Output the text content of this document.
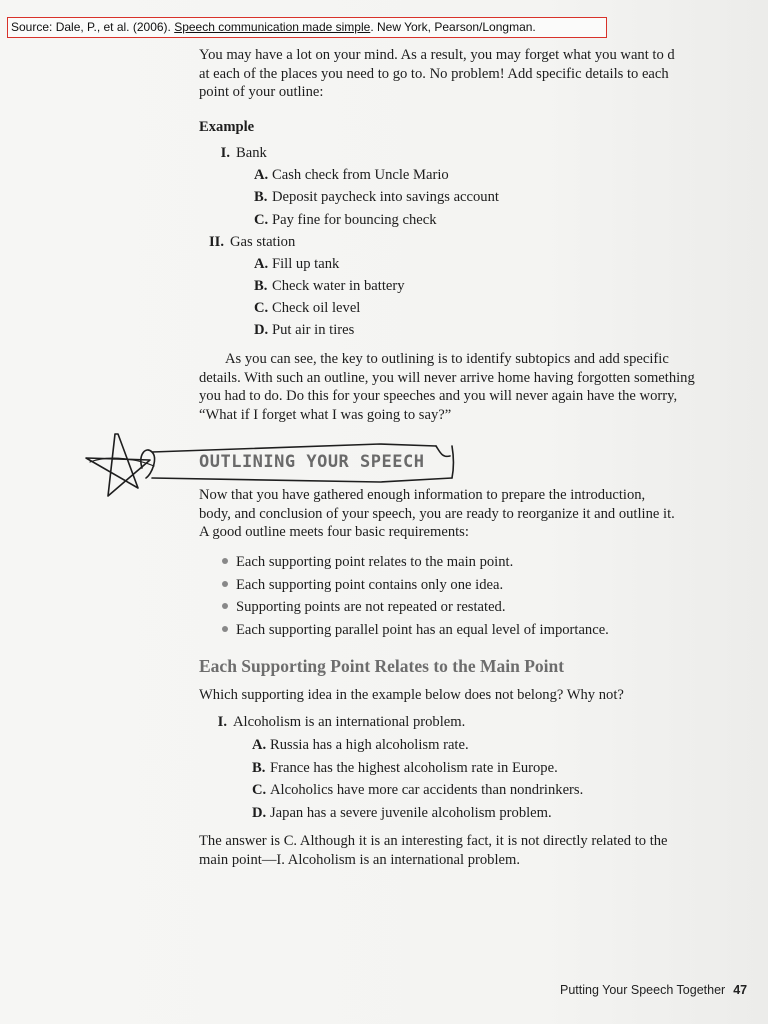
Source: Dale, P., et al. (2006). Speech communication made simple. New York, Pearson/Longman.
You may have a lot on your mind. As a result, you may forget what you want to d
at each of the places you need to go to. No problem! Add specific details to each
point of your outline:
Example
I. Bank
A. Cash check from Uncle Mario
B. Deposit paycheck into savings account
C. Pay fine for bouncing check
II. Gas station
A. Fill up tank
B. Check water in battery
C. Check oil level
D. Put air in tires
As you can see, the key to outlining is to identify subtopics and add specific
details. With such an outline, you will never arrive home having forgotten something
you had to do. Do this for your speeches and you will never again have the worry,
“What if I forget what I was going to say?”
OUTLINING YOUR SPEECH
Now that you have gathered enough information to prepare the introduction,
body, and conclusion of your speech, you are ready to reorganize it and outline it.
A good outline meets four basic requirements:
Each supporting point relates to the main point.
Each supporting point contains only one idea.
Supporting points are not repeated or restated.
Each supporting parallel point has an equal level of importance.
Each Supporting Point Relates to the Main Point
Which supporting idea in the example below does not belong? Why not?
I. Alcoholism is an international problem.
A. Russia has a high alcoholism rate.
B. France has the highest alcoholism rate in Europe.
C. Alcoholics have more car accidents than nondrinkers.
D. Japan has a severe juvenile alcoholism problem.
The answer is C. Although it is an interesting fact, it is not directly related to the
main point—I. Alcoholism is an international problem.
Putting Your Speech Together 47
